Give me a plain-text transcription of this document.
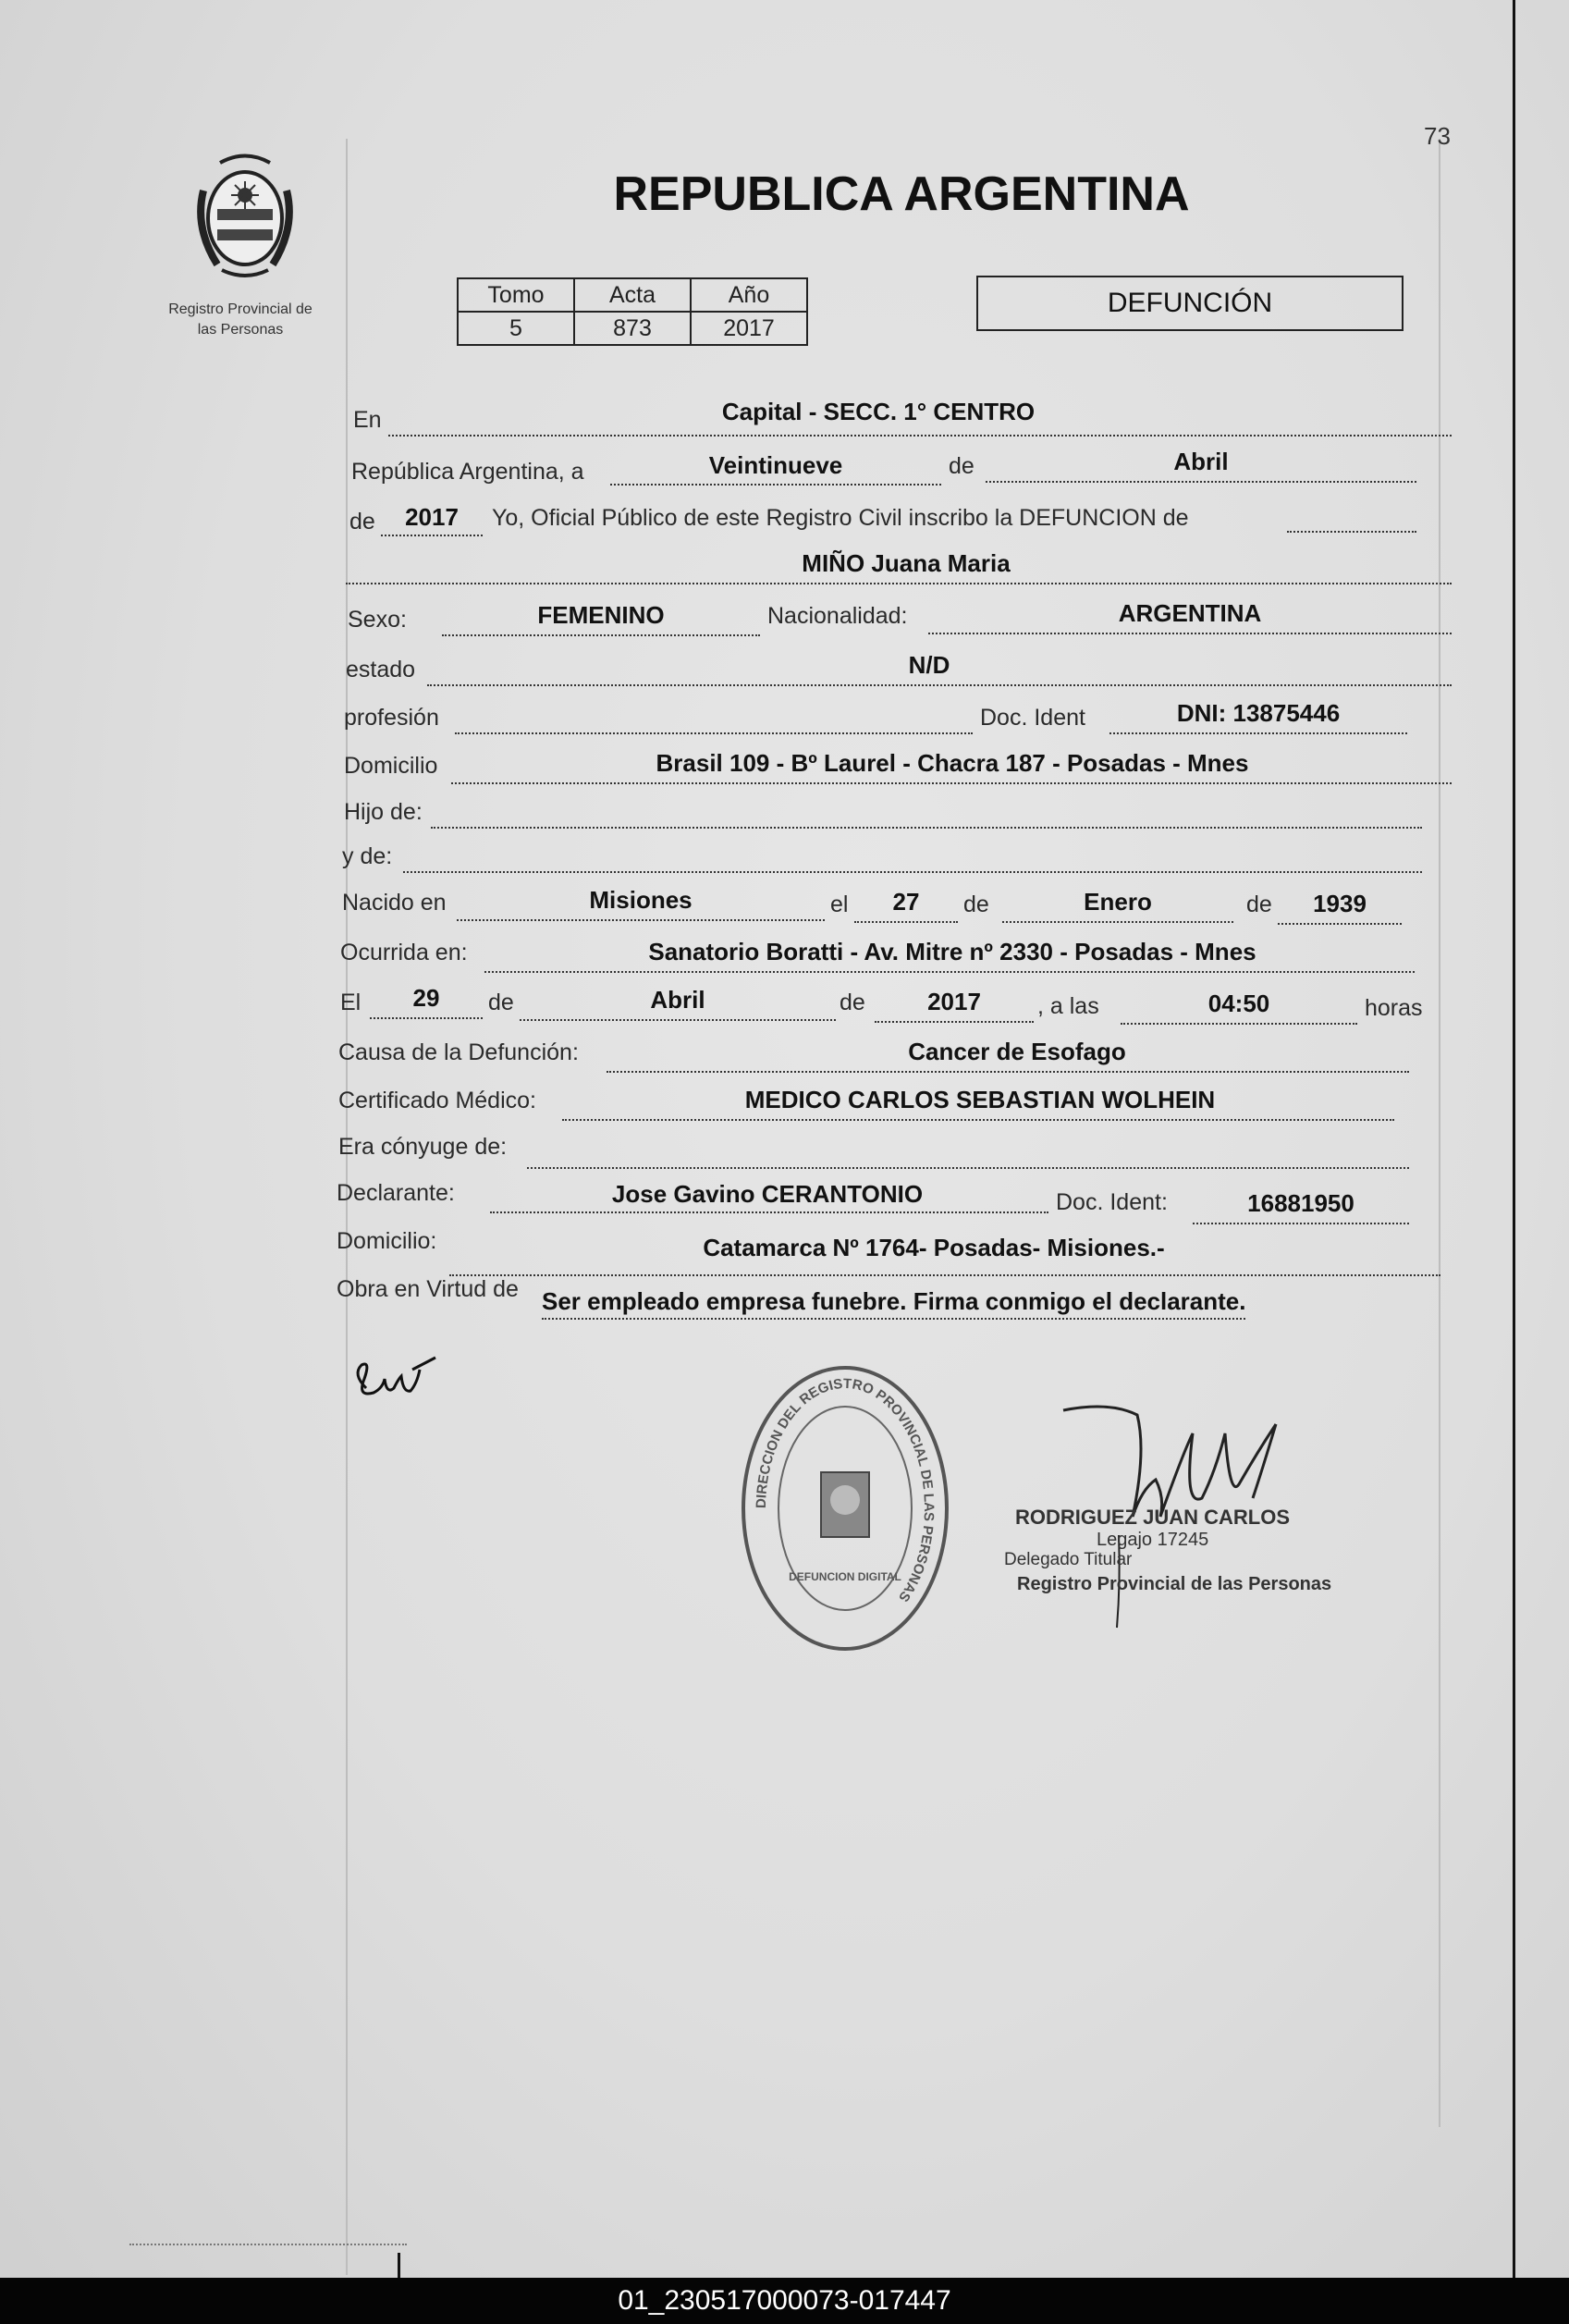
73
Registro Provincial de
las Personas
REPUBLICA ARGENTINA
Tomo	Acta	Año
5	873	2017
DEFUNCIÓN
En	Capital - SECC. 1° CENTRO
República Argentina, a	Veintinueve	de	Abril
de	2017	Yo, Oficial Público de este Registro Civil inscribo la DEFUNCION de
MIÑO Juana Maria
Sexo:	FEMENINO	Nacionalidad:	ARGENTINA
estado	N/D
profesión	Doc. Ident	DNI: 13875446
Domicilio	Brasil 109 - Bº Laurel - Chacra 187 - Posadas - Mnes
Hijo de:
y de:
Nacido en	Misiones	el	27	de	Enero	de	1939
Ocurrida en:	Sanatorio Boratti - Av. Mitre nº 2330 - Posadas - Mnes
El	29	de	Abril	de	2017	, a las	04:50	horas
Causa de la Defunción:	Cancer de Esofago
Certificado Médico:	MEDICO CARLOS SEBASTIAN WOLHEIN
Era cónyuge de:
Declarante:	Jose Gavino CERANTONIO	Doc. Ident:	16881950
Domicilio:	Catamarca Nº 1764- Posadas- Misiones.-
Obra en Virtud de Ser empleado empresa funebre. Firma conmigo el declarante.
DIRECCION DEL REGISTRO PROVINCIAL DE LAS PERSONAS
DEFUNCION DIGITAL
RODRIGUEZ JUAN CARLOS
Legajo 17245
Delegado Titular
Registro Provincial de las Personas
01_230517000073-017447
